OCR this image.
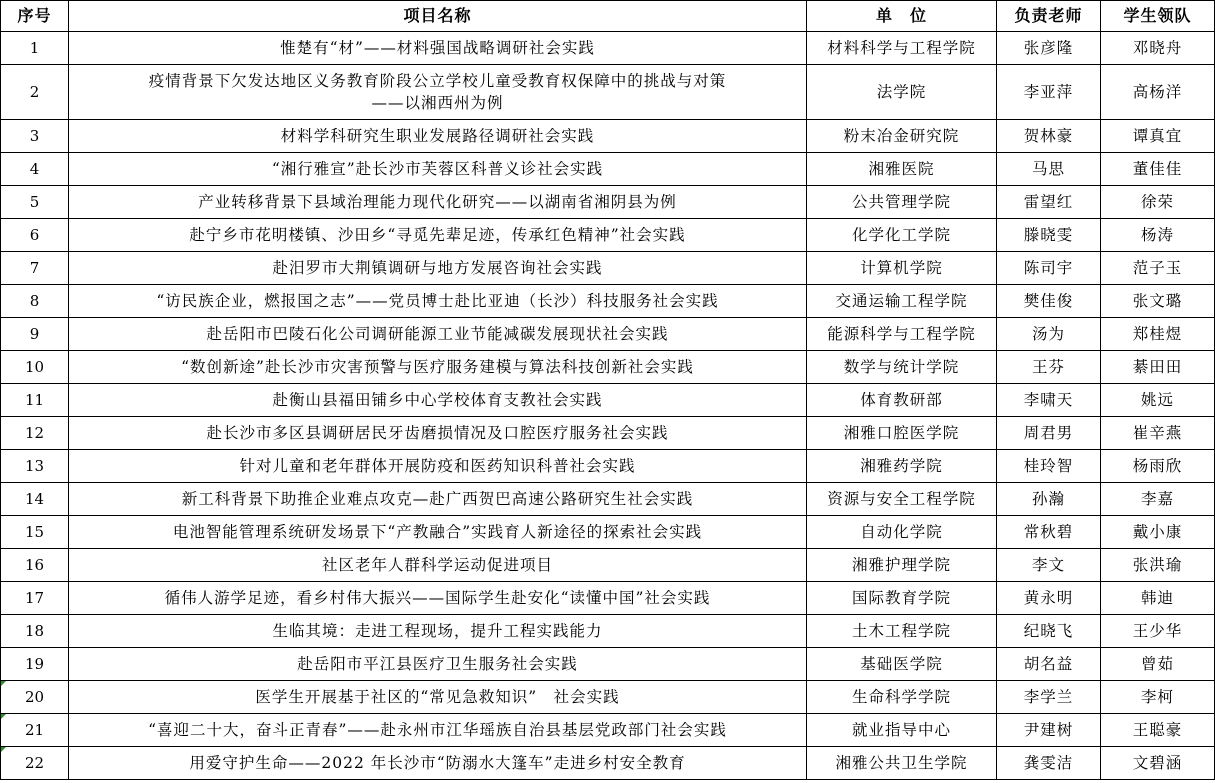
序号	项目名称	单　位	负责老师	学生领队
1	惟楚有“材”——材料强国战略调研社会实践	材料科学与工程学院	张彦隆	邓晓舟
2	疫情背景下欠发达地区义务教育阶段公立学校儿童受教育权保障中的挑战与对策
——以湘西州为例	法学院	李亚萍	高杨洋
3	材料学科研究生职业发展路径调研社会实践	粉末冶金研究院	贺林豪	谭真宜
4	“湘行雅宣”赴长沙市芙蓉区科普义诊社会实践	湘雅医院	马思	董佳佳
5	产业转移背景下县域治理能力现代化研究——以湖南省湘阴县为例	公共管理学院	雷望红	徐荣
6	赴宁乡市花明楼镇、沙田乡“寻觅先辈足迹，传承红色精神”社会实践	化学化工学院	滕晓雯	杨涛
7	赴汨罗市大荆镇调研与地方发展咨询社会实践	计算机学院	陈司宇	范子玉
8	“访民族企业，燃报国之志”——党员博士赴比亚迪（长沙）科技服务社会实践	交通运输工程学院	樊佳俊	张文璐
9	赴岳阳市巴陵石化公司调研能源工业节能减碳发展现状社会实践	能源科学与工程学院	汤为	郑桂煜
10	“数创新途”赴长沙市灾害预警与医疗服务建模与算法科技创新社会实践	数学与统计学院	王芬	綦田田
11	赴衡山县福田铺乡中心学校体育支教社会实践	体育教研部	李啸天	姚远
12	赴长沙市多区县调研居民牙齿磨损情况及口腔医疗服务社会实践	湘雅口腔医学院	周君男	崔辛燕
13	针对儿童和老年群体开展防疫和医药知识科普社会实践	湘雅药学院	桂玲智	杨雨欣
14	新工科背景下助推企业难点攻克—赴广西贺巴高速公路研究生社会实践	资源与安全工程学院	孙瀚	李嘉
15	电池智能管理系统研发场景下“产教融合”实践育人新途径的探索社会实践	自动化学院	常秋碧	戴小康
16	社区老年人群科学运动促进项目	湘雅护理学院	李文	张洪瑜
17	循伟人游学足迹，看乡村伟大振兴——国际学生赴安化“读懂中国”社会实践	国际教育学院	黄永明	韩迪
18	生临其境：走进工程现场，提升工程实践能力	土木工程学院	纪晓飞	王少华
19	赴岳阳市平江县医疗卫生服务社会实践	基础医学院	胡名益	曾茹
20	医学生开展基于社区的“常见急救知识”　社会实践	生命科学学院	李学兰	李柯
21	“喜迎二十大，奋斗正青春”——赴永州市江华瑶族自治县基层党政部门社会实践	就业指导中心	尹建树	王聪豪
22	用爱守护生命——2022 年长沙市“防溺水大篷车”走进乡村安全教育	湘雅公共卫生学院	龚雯洁	文碧涵
